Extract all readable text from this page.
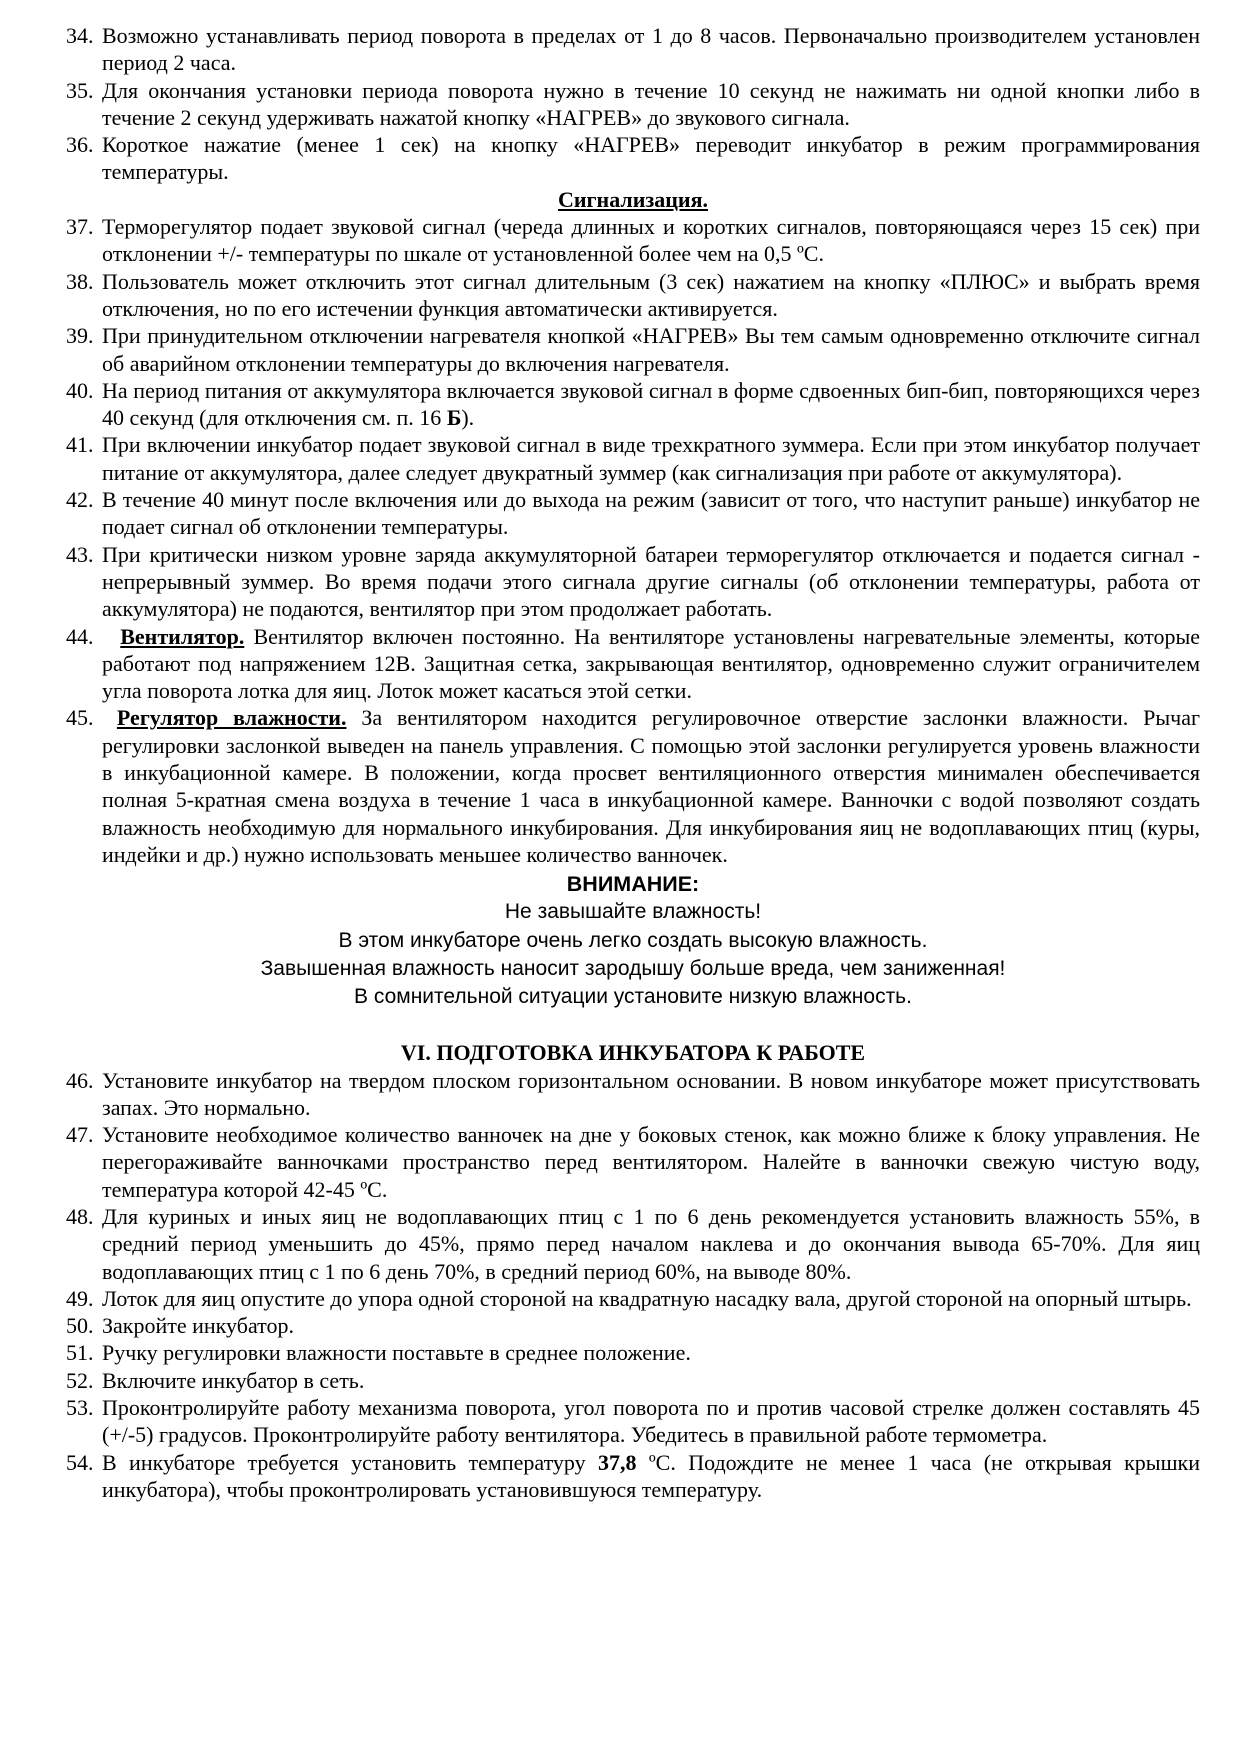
34. Возможно устанавливать период поворота в пределах от 1 до 8 часов. Первоначально производителем установлен период 2 часа.
35. Для окончания установки периода поворота нужно в течение 10 секунд не нажимать ни одной кнопки либо в течение 2 секунд удерживать нажатой кнопку «НАГРЕВ» до звукового сигнала.
36. Короткое нажатие (менее 1 сек) на кнопку «НАГРЕВ» переводит инкубатор в режим программирования температуры.
Сигнализация.
37. Терморегулятор подает звуковой сигнал (череда длинных и коротких сигналов, повторяющаяся через 15 сек) при отклонении +/- температуры по шкале от установленной более чем на 0,5 ºС.
38. Пользователь может отключить этот сигнал длительным (3 сек) нажатием на кнопку «ПЛЮС» и выбрать время отключения, но по его истечении функция автоматически активируется.
39. При принудительном отключении нагревателя кнопкой «НАГРЕВ» Вы тем самым одновременно отключите сигнал об аварийном отклонении температуры до включения нагревателя.
40. На период питания от аккумулятора включается звуковой сигнал в форме сдвоенных бип-бип, повторяющихся через 40 секунд (для отключения см. п. 16 Б).
41. При включении инкубатор подает звуковой сигнал в виде трехкратного зуммера. Если при этом инкубатор получает питание от аккумулятора, далее следует двукратный зуммер (как сигнализация при работе от аккумулятора).
42. В течение 40 минут после включения или до выхода на режим (зависит от того, что наступит раньше) инкубатор не подает сигнал об отклонении температуры.
43. При критически низком уровне заряда аккумуляторной батареи терморегулятор отключается и подается сигнал - непрерывный зуммер. Во время подачи этого сигнала другие сигналы (об отклонении температуры, работа от аккумулятора) не подаются, вентилятор при этом продолжает работать.
44.	Вентилятор. Вентилятор включен постоянно. На вентиляторе установлены нагревательные элементы, которые работают под напряжением 12В. Защитная сетка, закрывающая вентилятор, одновременно служит ограничителем угла поворота лотка для яиц. Лоток может касаться этой сетки.
45.	Регулятор влажности. За вентилятором находится регулировочное отверстие заслонки влажности. Рычаг регулировки заслонкой выведен на панель управления. С помощью этой заслонки регулируется уровень влажности в инкубационной камере. В положении, когда просвет вентиляционного отверстия минимален обеспечивается полная 5-кратная смена воздуха в течение 1 часа в инкубационной камере. Ванночки с водой позволяют создать влажность необходимую для нормального инкубирования. Для инкубирования яиц не водоплавающих птиц (куры, индейки и др.) нужно использовать меньшее количество ванночек.
ВНИМАНИЕ:
Не завышайте влажность!
В этом инкубаторе очень легко создать высокую влажность.
Завышенная влажность наносит зародышу больше вреда, чем заниженная!
В сомнительной ситуации установите низкую влажность.
VI. ПОДГОТОВКА ИНКУБАТОРА К РАБОТЕ
46. Установите инкубатор на твердом плоском горизонтальном основании. В новом инкубаторе может присутствовать запах. Это нормально.
47. Установите необходимое количество ванночек на дне у боковых стенок, как можно ближе к блоку управления. Не перегораживайте ванночками пространство перед вентилятором. Налейте в ванночки свежую чистую воду, температура которой 42-45 ºС.
48. Для куриных и иных яиц не водоплавающих птиц с 1 по 6 день рекомендуется установить влажность 55%, в средний период уменьшить до 45%, прямо перед началом наклева и до окончания вывода 65-70%. Для яиц водоплавающих птиц с 1 по 6 день 70%, в средний период 60%, на выводе 80%.
49. Лоток для яиц опустите до упора одной стороной на квадратную насадку вала, другой стороной на опорный штырь.
50. Закройте инкубатор.
51. Ручку регулировки влажности поставьте в среднее положение.
52. Включите инкубатор в сеть.
53. Проконтролируйте работу механизма поворота, угол поворота по и против часовой стрелке должен составлять 45 (+/-5) градусов. Проконтролируйте работу вентилятора. Убедитесь в правильной работе термометра.
54. В инкубаторе требуется установить температуру 37,8 ºС. Подождите не менее 1 часа (не открывая крышки инкубатора), чтобы проконтролировать установившуюся температуру.
